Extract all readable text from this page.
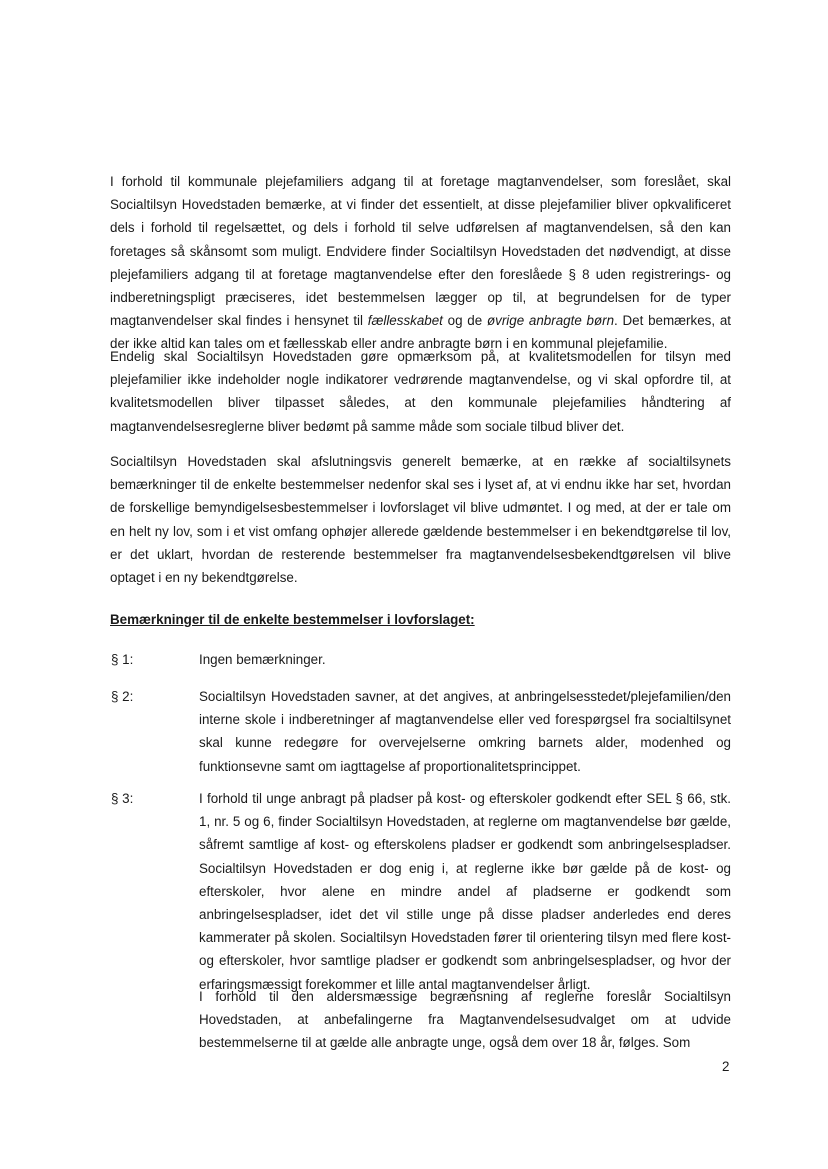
I forhold til kommunale plejefamiliers adgang til at foretage magtanvendelser, som foreslået, skal Socialtilsyn Hovedstaden bemærke, at vi finder det essentielt, at disse plejefamilier bliver opkvalificeret dels i forhold til regelsættet, og dels i forhold til selve udførelsen af magtanvendelsen, så den kan foretages så skånsomt som muligt. Endvidere finder Socialtilsyn Hovedstaden det nødvendigt, at disse plejefamiliers adgang til at foretage magtanvendelse efter den foreslåede § 8 uden registrerings- og indberetningspligt præciseres, idet bestemmelsen lægger op til, at begrundelsen for de typer magtanvendelser skal findes i hensynet til fællesskabet og de øvrige anbragte børn. Det bemærkes, at der ikke altid kan tales om et fællesskab eller andre anbragte børn i en kommunal plejefamilie.

Endelig skal Socialtilsyn Hovedstaden gøre opmærksom på, at kvalitetsmodellen for tilsyn med plejefamilier ikke indeholder nogle indikatorer vedrørende magtanvendelse, og vi skal opfordre til, at kvalitetsmodellen bliver tilpasset således, at den kommunale plejefamilies håndtering af magtanvendelsesreglerne bliver bedømt på samme måde som sociale tilbud bliver det.

Socialtilsyn Hovedstaden skal afslutningsvis generelt bemærke, at en række af socialtilsynets bemærkninger til de enkelte bestemmelser nedenfor skal ses i lyset af, at vi endnu ikke har set, hvordan de forskellige bemyndigelsesbestemmelser i lovforslaget vil blive udmøntet. I og med, at der er tale om en helt ny lov, som i et vist omfang ophøjer allerede gældende bestemmelser i en bekendtgørelse til lov, er det uklart, hvordan de resterende bestemmelser fra magtanvendelsesbekendtgørelsen vil blive optaget i en ny bekendtgørelse.

Bemærkninger til de enkelte bestemmelser i lovforslaget:

§ 1:	Ingen bemærkninger.

§ 2:	Socialtilsyn Hovedstaden savner, at det angives, at anbringelsesstedet/plejefamilien/den interne skole i indberetninger af magtanvendelse eller ved forespørgsel fra socialtilsynet skal kunne redegøre for overvejelserne omkring barnets alder, modenhed og funktionsevne samt om iagttagelse af proportionalitetsprincippet.

§ 3:	I forhold til unge anbragt på pladser på kost- og efterskoler godkendt efter SEL § 66, stk. 1, nr. 5 og 6, finder Socialtilsyn Hovedstaden, at reglerne om magtanvendelse bør gælde, såfremt samtlige af kost- og efterskolens pladser er godkendt som anbringelsespladser. Socialtilsyn Hovedstaden er dog enig i, at reglerne ikke bør gælde på de kost- og efterskoler, hvor alene en mindre andel af pladserne er godkendt som anbringelsespladser, idet det vil stille unge på disse pladser anderledes end deres kammerater på skolen. Socialtilsyn Hovedstaden fører til orientering tilsyn med flere kost- og efterskoler, hvor samtlige pladser er godkendt som anbringelsespladser, og hvor der erfaringsmæssigt forekommer et lille antal magtanvendelser årligt.

I forhold til den aldersmæssige begrænsning af reglerne foreslår Socialtilsyn Hovedstaden, at anbefalingerne fra Magtanvendelsesudvalget om at udvide bestemmelserne til at gælde alle anbragte unge, også dem over 18 år, følges. Som

2
